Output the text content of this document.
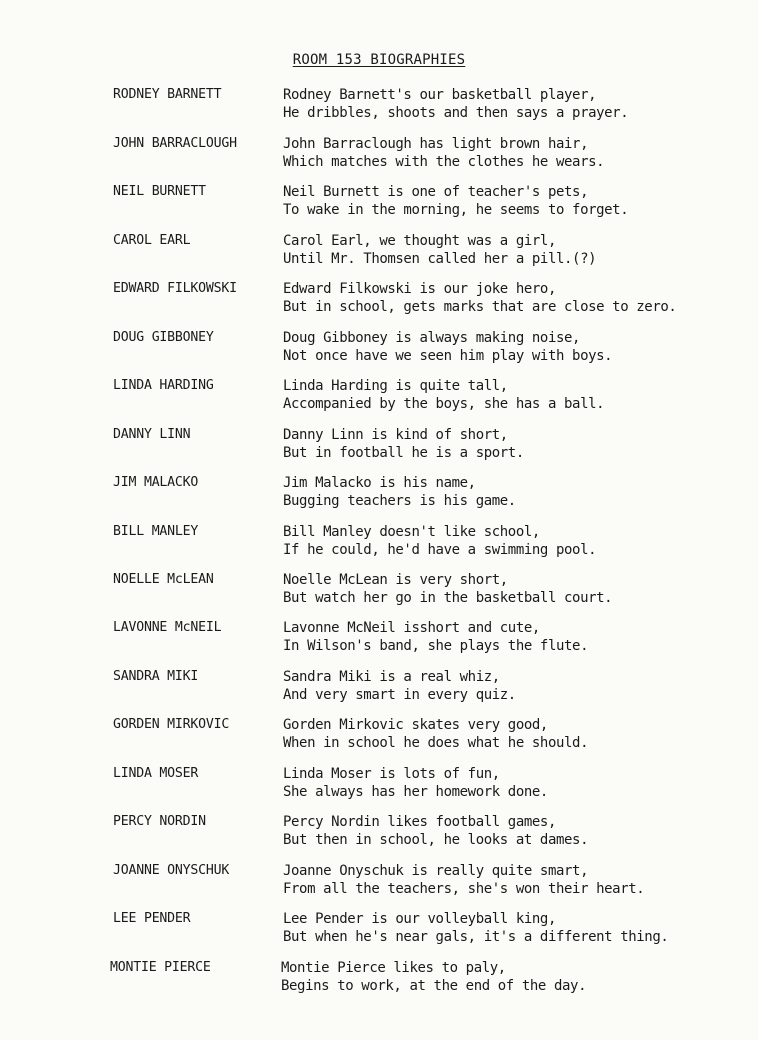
ROOM 153 BIOGRAPHIES
RODNEY BARNETT	Rodney Barnett's our basketball player,
He dribbles, shoots and then says a prayer.
JOHN BARRACLOUGH	John Barraclough has light brown hair,
Which matches with the clothes he wears.
NEIL BURNETT	Neil Burnett is one of teacher's pets,
To wake in the morning, he seems to forget.
CAROL EARL	Carol Earl, we thought was a girl,
Until Mr. Thomsen called her a pill.(?)
EDWARD FILKOWSKI	Edward Filkowski is our joke hero,
But in school, gets marks that are close to zero.
DOUG GIBBONEY	Doug Gibboney is always making noise,
Not once have we seen him play with boys.
LINDA HARDING	Linda Harding is quite tall,
Accompanied by the boys, she has a ball.
DANNY LINN	Danny Linn is kind of short,
But in football he is a sport.
JIM MALACKO	Jim Malacko is his name,
Bugging teachers is his game.
BILL MANLEY	Bill Manley doesn't like school,
If he could, he'd have a swimming pool.
NOELLE McLEAN	Noelle McLean is very short,
But watch her go in the basketball court.
LAVONNE McNEIL	Lavonne McNeil isshort and cute,
In Wilson's band, she plays the flute.
SANDRA MIKI	Sandra Miki is a real whiz,
And very smart in every quiz.
GORDEN MIRKOVIC	Gorden Mirkovic skates very good,
When in school he does what he should.
LINDA MOSER	Linda Moser is lots of fun,
She always has her homework done.
PERCY NORDIN	Percy Nordin likes football games,
But then in school, he looks at dames.
JOANNE ONYSCHUK	Joanne Onyschuk is really quite smart,
From all the teachers, she's won their heart.
LEE PENDER	Lee Pender is our volleyball king,
But when he's near gals, it's a different thing.
MONTIE PIERCE	Montie Pierce likes to paly,
Begins to work, at the end of the day.
